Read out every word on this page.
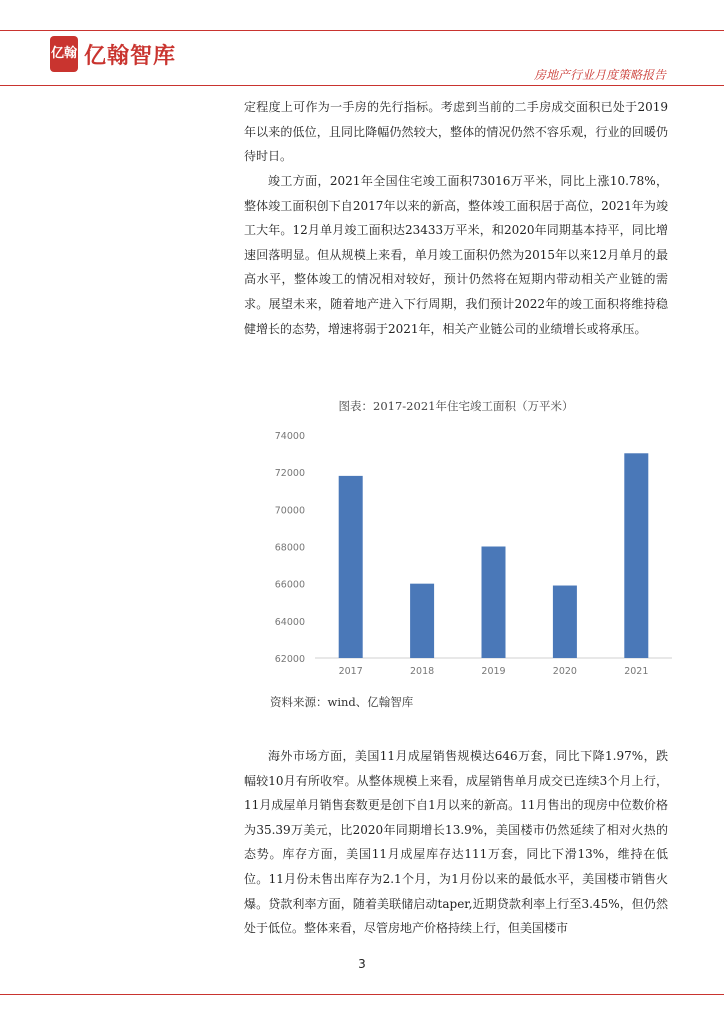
亿翰 亿翰智库
房地产行业月度策略报告

定程度上可作为一手房的先行指标。考虑到当前的二手房成交面积已处于2019年以来的低位，且同比降幅仍然较大，整体的情况仍然不容乐观，行业的回暖仍待时日。

竣工方面，2021年全国住宅竣工面积73016万平米，同比上涨10.78%，整体竣工面积创下自2017年以来的新高，整体竣工面积居于高位，2021年为竣工大年。12月单月竣工面积达23433万平米，和2020年同期基本持平，同比增速回落明显。但从规模上来看，单月竣工面积仍然为2015年以来12月单月的最高水平，整体竣工的情况相对较好，预计仍然将在短期内带动相关产业链的需求。展望未来，随着地产进入下行周期，我们预计2022年的竣工面积将维持稳健增长的态势，增速将弱于2021年，相关产业链公司的业绩增长或将承压。

图表：2017-2021年住宅竣工面积（万平米）
62000
64000
66000
68000
70000
72000
74000
2017	2018	2019	2020	2021
资料来源：wind、亿翰智库

海外市场方面，美国11月成屋销售规模达646万套，同比下降1.97%，跌幅较10月有所收窄。从整体规模上来看，成屋销售单月成交已连续3个月上行，11月成屋单月销售套数更是创下自1月以来的新高。11月售出的现房中位数价格为35.39万美元，比2020年同期增长13.9%，美国楼市仍然延续了相对火热的态势。库存方面，美国11月成屋库存达111万套，同比下滑13%，维持在低位。11月份未售出库存为2.1个月，为1月份以来的最低水平，美国楼市销售火爆。贷款利率方面，随着美联储启动taper,近期贷款利率上行至3.45%，但仍然处于低位。整体来看，尽管房地产价格持续上行，但美国楼市

3
